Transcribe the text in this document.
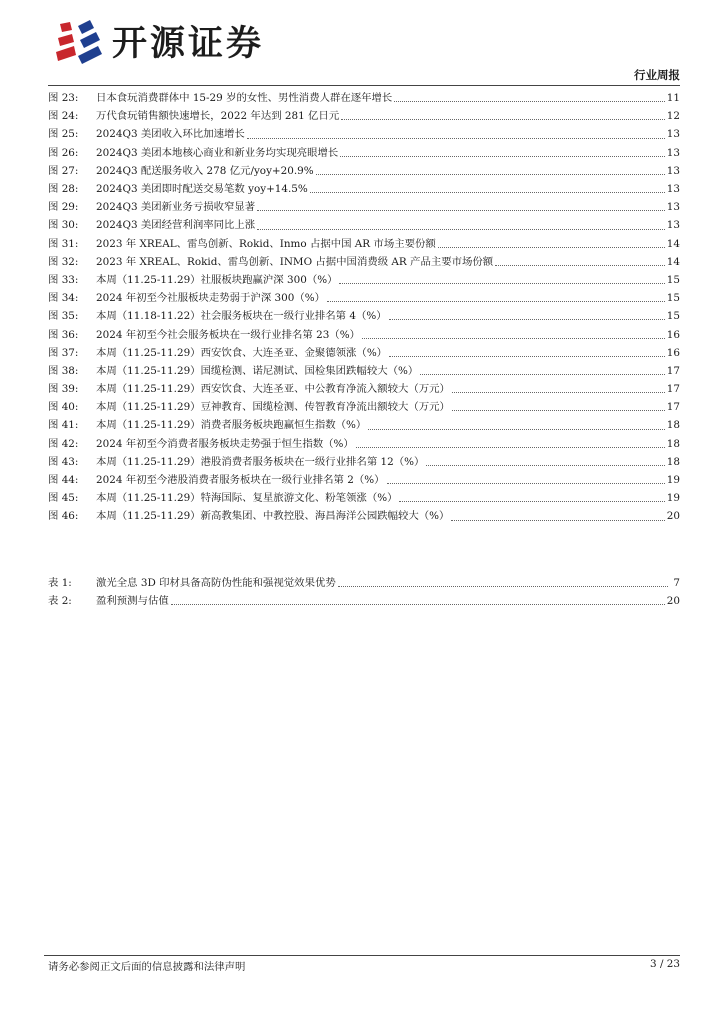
开源证券
行业周报
图 23:	日本食玩消费群体中 15-29 岁的女性、男性消费人群在逐年增长	11
图 24:	万代食玩销售额快速增长，2022 年达到 281 亿日元	12
图 25:	2024Q3 美团收入环比加速增长	13
图 26:	2024Q3 美团本地核心商业和新业务均实现亮眼增长	13
图 27:	2024Q3 配送服务收入 278 亿元/yoy+20.9%	13
图 28:	2024Q3 美团即时配送交易笔数 yoy+14.5%	13
图 29:	2024Q3 美团新业务亏损收窄显著	13
图 30:	2024Q3 美团经营利润率同比上涨	13
图 31:	2023 年 XREAL、雷鸟创新、Rokid、Inmo 占据中国 AR 市场主要份额	14
图 32:	2023 年 XREAL、Rokid、雷鸟创新、INMO 占据中国消费级 AR 产品主要市场份额	14
图 33:	本周（11.25-11.29）社服板块跑赢沪深 300（%）	15
图 34:	2024 年初至今社服板块走势弱于沪深 300（%）	15
图 35:	本周（11.18-11.22）社会服务板块在一级行业排名第 4（%）	15
图 36:	2024 年初至今社会服务板块在一级行业排名第 23（%）	16
图 37:	本周（11.25-11.29）西安饮食、大连圣亚、金聚德领涨（%）	16
图 38:	本周（11.25-11.29）国缆检测、诺尼测试、国检集团跌幅较大（%）	17
图 39:	本周（11.25-11.29）西安饮食、大连圣亚、中公教育净流入额较大（万元）	17
图 40:	本周（11.25-11.29）豆神教育、国缆检测、传智教育净流出额较大（万元）	17
图 41:	本周（11.25-11.29）消费者服务板块跑赢恒生指数（%）	18
图 42:	2024 年初至今消费者服务板块走势强于恒生指数（%）	18
图 43:	本周（11.25-11.29）港股消费者服务板块在一级行业排名第 12（%）	18
图 44:	2024 年初至今港股消费者服务板块在一级行业排名第 2（%）	19
图 45:	本周（11.25-11.29）特海国际、复星旅游文化、粉笔领涨（%）	19
图 46:	本周（11.25-11.29）新高教集团、中教控股、海昌海洋公园跌幅较大（%）	20
表 1:	激光全息 3D 印材具备高防伪性能和强视觉效果优势	7
表 2:	盈利预测与估值	20
请务必参阅正文后面的信息披露和法律声明	3 / 23
